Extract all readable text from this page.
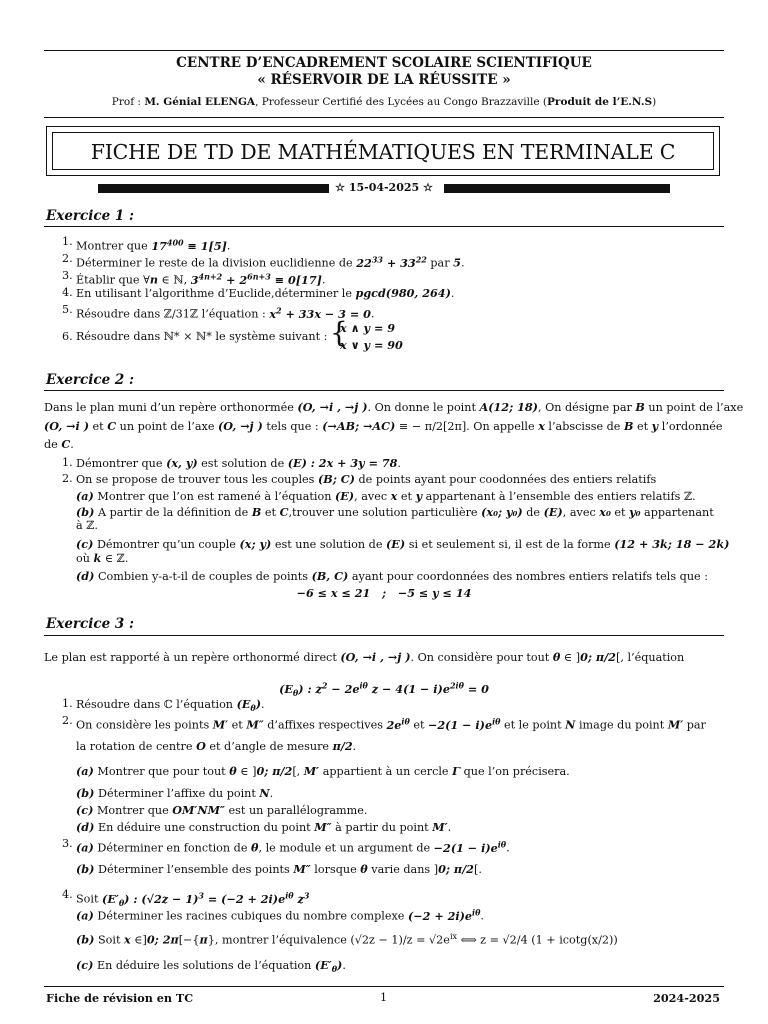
CENTRE D’ENCADREMENT SCOLAIRE SCIENTIFIQUE
« RÉSERVOIR DE LA RÉUSSITE »
Prof : M. Génial ELENGA, Professeur Certifié des Lycées au Congo Brazzaville (Produit de l’E.N.S)
FICHE DE TD DE MATHÉMATIQUES EN TERMINALE C
☆ 15-04-2025 ☆
Exercice 1 :
1. Montrer que $17^{400} \equiv 1[5]$.
2. Déterminer le reste de la division euclidienne de $22^{33} + 33^{22}$ par 5.
3. Établir que ∀n ∈ ℕ, $3^{4n+2} + 2^{6n+3} \equiv 0[17]$.
4. En utilisant l’algorithme d’Euclide,déterminer le pgcd(980, 264).
5. Résoudre dans ℤ/31ℤ l’équation : $x^2 + 33x - 3 = 0$.
6. Résoudre dans ℕ* × ℕ* le système suivant : {
x ∧ y = 9
x ∨ y = 90
Exercice 2 :
Dans le plan muni d’un repère orthonormée (O, →i , →j ). On donne le point A(12; 18), On désigne par B un point de l’axe
(O, →i ) et C un point de l’axe (O, →j ) tels que : (→AB; →AC) ≡ − π/2[2π]. On appelle x l’abscisse de B et y l’ordonnée
de C.
1. Démontrer que (x, y) est solution de (E) : 2x + 3y = 78.
2. On se propose de trouver tous les couples (B; C) de points ayant pour coodonnées des entiers relatifs
(a) Montrer que l’on est ramené à l’équation (E), avec x et y appartenant à l’ensemble des entiers relatifs ℤ.
(b) A partir de la définition de B et C,trouver une solution particulière (x₀; y₀) de (E), avec x₀ et y₀ appartenant
à ℤ.
(c) Démontrer qu’un couple (x; y) est une solution de (E) si et seulement si, il est de la forme (12 + 3k; 18 − 2k)
où k ∈ ℤ.
(d) Combien y-a-t-il de couples de points (B, C) ayant pour coordonnées des nombres entiers relatifs tels que :
−6 ≤ x ≤ 21   ;   −5 ≤ y ≤ 14
Exercice 3 :
Le plan est rapporté à un repère orthonormé direct (O, →i , →j ). On considère pour tout θ ∈ ]0; π/2[, l’équation
$(E_\theta)$ : $z^2 - 2e^{i\theta}$ $z - 4(1 - i)e^{2i\theta} = 0$
1. Résoudre dans ℂ l’équation $(E_\theta)$.
2. On considère les points M′ et M″ d’affixes respectives $2e^{i\theta}$ et $-2(1 - i)e^{i\theta}$ et le point N image du point M′ par
la rotation de centre O et d’angle de mesure π/2.
(a) Montrer que pour tout θ ∈ ]0; π/2[, M′ appartient à un cercle Γ que l’on précisera.
(b) Déterminer l’affixe du point N.
(c) Montrer que OM′NM″ est un parallélogramme.
(d) En déduire une construction du point M″ à partir du point M′.
3. (a) Déterminer en fonction de θ, le module et un argument de $-2(1 - i)e^{i\theta}$.
(b) Déterminer l’ensemble des points M″ lorsque θ varie dans ]0; π/2[.
4. Soit $(E'_\theta)$ : $(√2z - 1)^3 = (-2 + 2i)e^{i\theta}$ $z^3$
(a) Déterminer les racines cubiques du nombre complexe $(-2 + 2i)e^{i\theta}$.
(b) Soit x ∈]0; 2π[−{π}, montrer l’équivalence $(√2z - 1)/z = √2e^{ix}$ ⟺ z = √2/4 (1 + icotg(x/2))
(c) En déduire les solutions de l’équation $(E'_\theta)$.
Fiche de révision en TC	1	2024-2025
